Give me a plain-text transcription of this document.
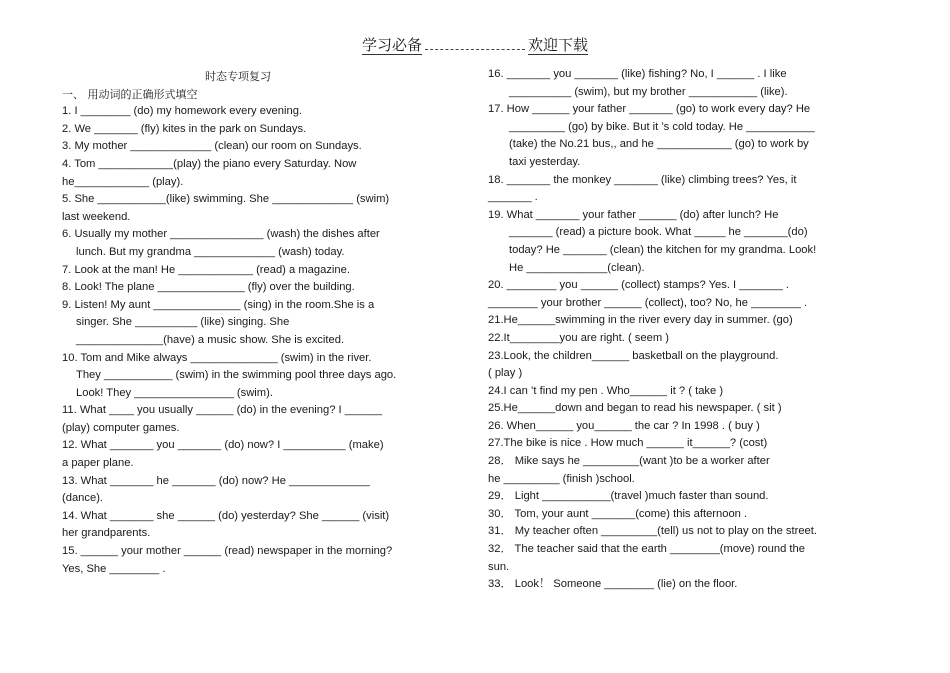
学习必备	欢迎下载
时态专项复习
一、 用动词的正确形式填空
1. I ________ (do) my homework every evening.
2. We _______ (fly) kites in the park on Sundays.
3. My mother _____________ (clean) our room on Sundays.
4. Tom ____________(play) the piano every Saturday. Now
he____________ (play).
5. She ___________(like) swimming. She _____________ (swim)
last weekend.
6. Usually my mother _______________ (wash) the dishes after
lunch. But my grandma _____________ (wash) today.
7. Look at the man! He ____________ (read) a magazine.
8. Look! The plane ______________ (fly) over the building.
9. Listen! My aunt ______________ (sing) in the room.She is a
singer. She __________ (like) singing. She
______________(have) a music show. She is excited.
10. Tom and Mike always ______________ (swim) in the river.
They ___________ (swim) in the swimming pool three days ago.
Look! They ________________ (swim).
11. What ____ you usually ______ (do) in the evening? I ______
(play) computer games.
12. What _______ you _______ (do) now? I __________ (make)
a paper plane.
13. What _______ he _______ (do) now? He _____________
(dance).
14. What _______ she ______ (do) yesterday? She ______ (visit)
her grandparents.
15. ______ your mother ______ (read) newspaper in the morning?
Yes, She ________ .
16. _______ you _______ (like) fishing? No, I ______ . I like
__________ (swim), but my brother ___________ (like).
17. How ______ your father _______ (go) to work every day? He
_________ (go) by bike. But it ’s cold today. He ___________
(take) the No.21 bus,, and he ____________ (go) to work by
taxi yesterday.
18. _______ the monkey _______ (like) climbing trees? Yes, it
_______ .
19. What _______ your father ______ (do) after lunch? He
_______ (read) a picture book. What _____ he _______(do)
today? He _______ (clean) the kitchen for my grandma. Look!
He _____________(clean).
20. ________ you ______ (collect) stamps? Yes. I _______ .
________ your brother ______ (collect), too? No, he ________ .
21.He______swimming in the river every day in summer. (go)
22.It________you are right. ( seem )
23.Look, the children______ basketball on the playground.
( play )
24.I can ’t find my pen . Who______ it ? ( take )
25.He______down and began to read his newspaper. ( sit )
26. When______ you______ the car ? In 1998 . ( buy )
27.The bike is nice . How much ______ it______? (cost)
28． Mike says he _________(want )to be a worker after
he _________ (finish )school.
29． Light ___________(travel )much faster than sound.
30． Tom, your aunt _______(come) this afternoon .
31． My teacher often _________(tell) us not to play on the street.
32． The teacher said that the earth ________(move) round the
sun.
33． Look！ Someone ________ (lie) on the floor.
